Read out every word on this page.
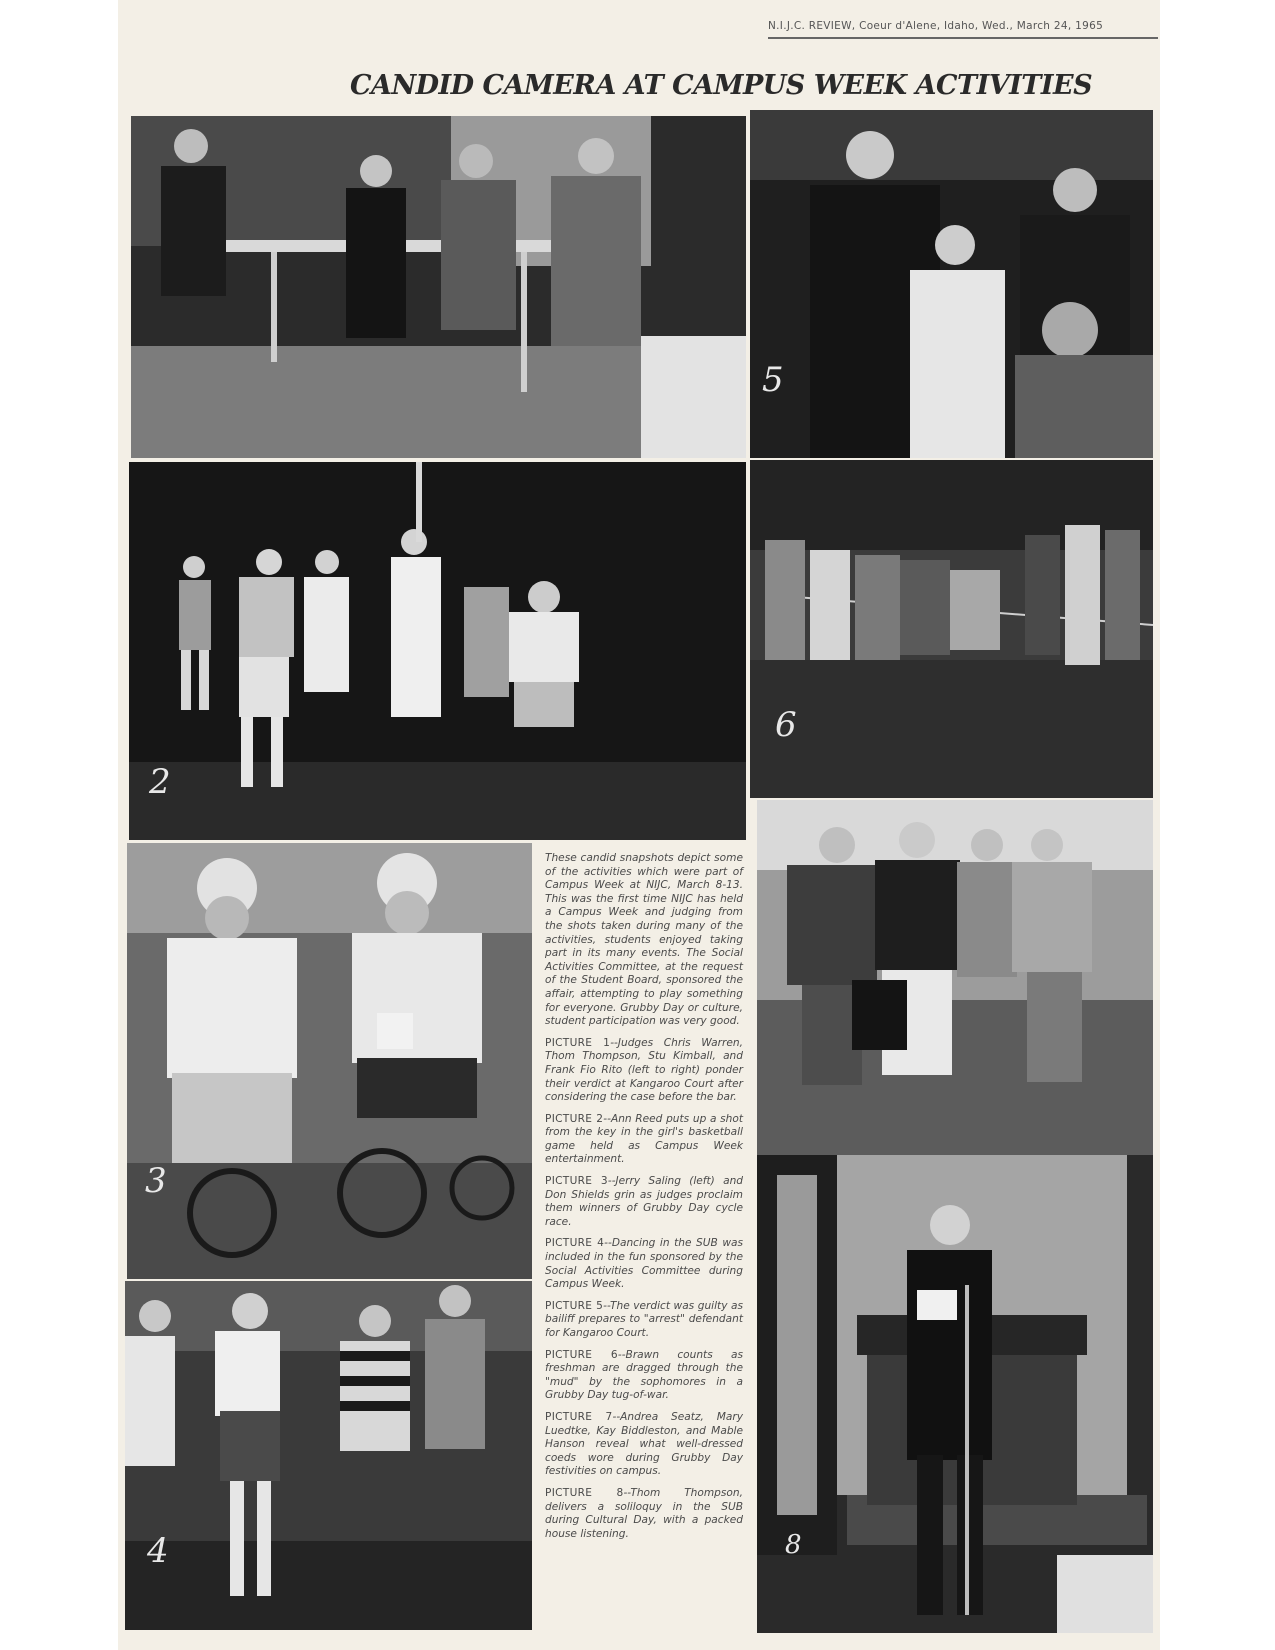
N.I.J.C. REVIEW, Coeur d'Alene, Idaho, Wed., March 24, 1965
CANDID CAMERA AT CAMPUS WEEK ACTIVITIES
5
2
6
3
4	8

These candid snapshots depict some of the activities which were part of Campus Week at NIJC, March 8-13. This was the first time NIJC has held a Campus Week and judging from the shots taken during many of the activities, students enjoyed taking part in its many events. The Social Activities Committee, at the request of the Student Board, sponsored the affair, attempting to play something for everyone. Grubby Day or culture, student participation was very good.

PICTURE 1--Judges Chris Warren, Thom Thompson, Stu Kimball, and Frank Fio Rito (left to right) ponder their verdict at Kangaroo Court after considering the case before the bar.

PICTURE 2--Ann Reed puts up a shot from the key in the girl's basketball game held as Campus Week entertainment.

PICTURE 3--Jerry Saling (left) and Don Shields grin as judges proclaim them winners of Grubby Day cycle race.

PICTURE 4--Dancing in the SUB was included in the fun sponsored by the Social Activities Committee during Campus Week.

PICTURE 5--The verdict was guilty as bailiff prepares to "arrest" defendant for Kangaroo Court.

PICTURE 6--Brawn counts as freshman are dragged through the "mud" by the sophomores in a Grubby Day tug-of-war.

PICTURE 7--Andrea Seatz, Mary Luedtke, Kay Biddleston, and Mable Hanson reveal what well-dressed coeds wore during Grubby Day festivities on campus.

PICTURE 8--Thom Thompson, delivers a soliloquy in the SUB during Cultural Day, with a packed house listening.
